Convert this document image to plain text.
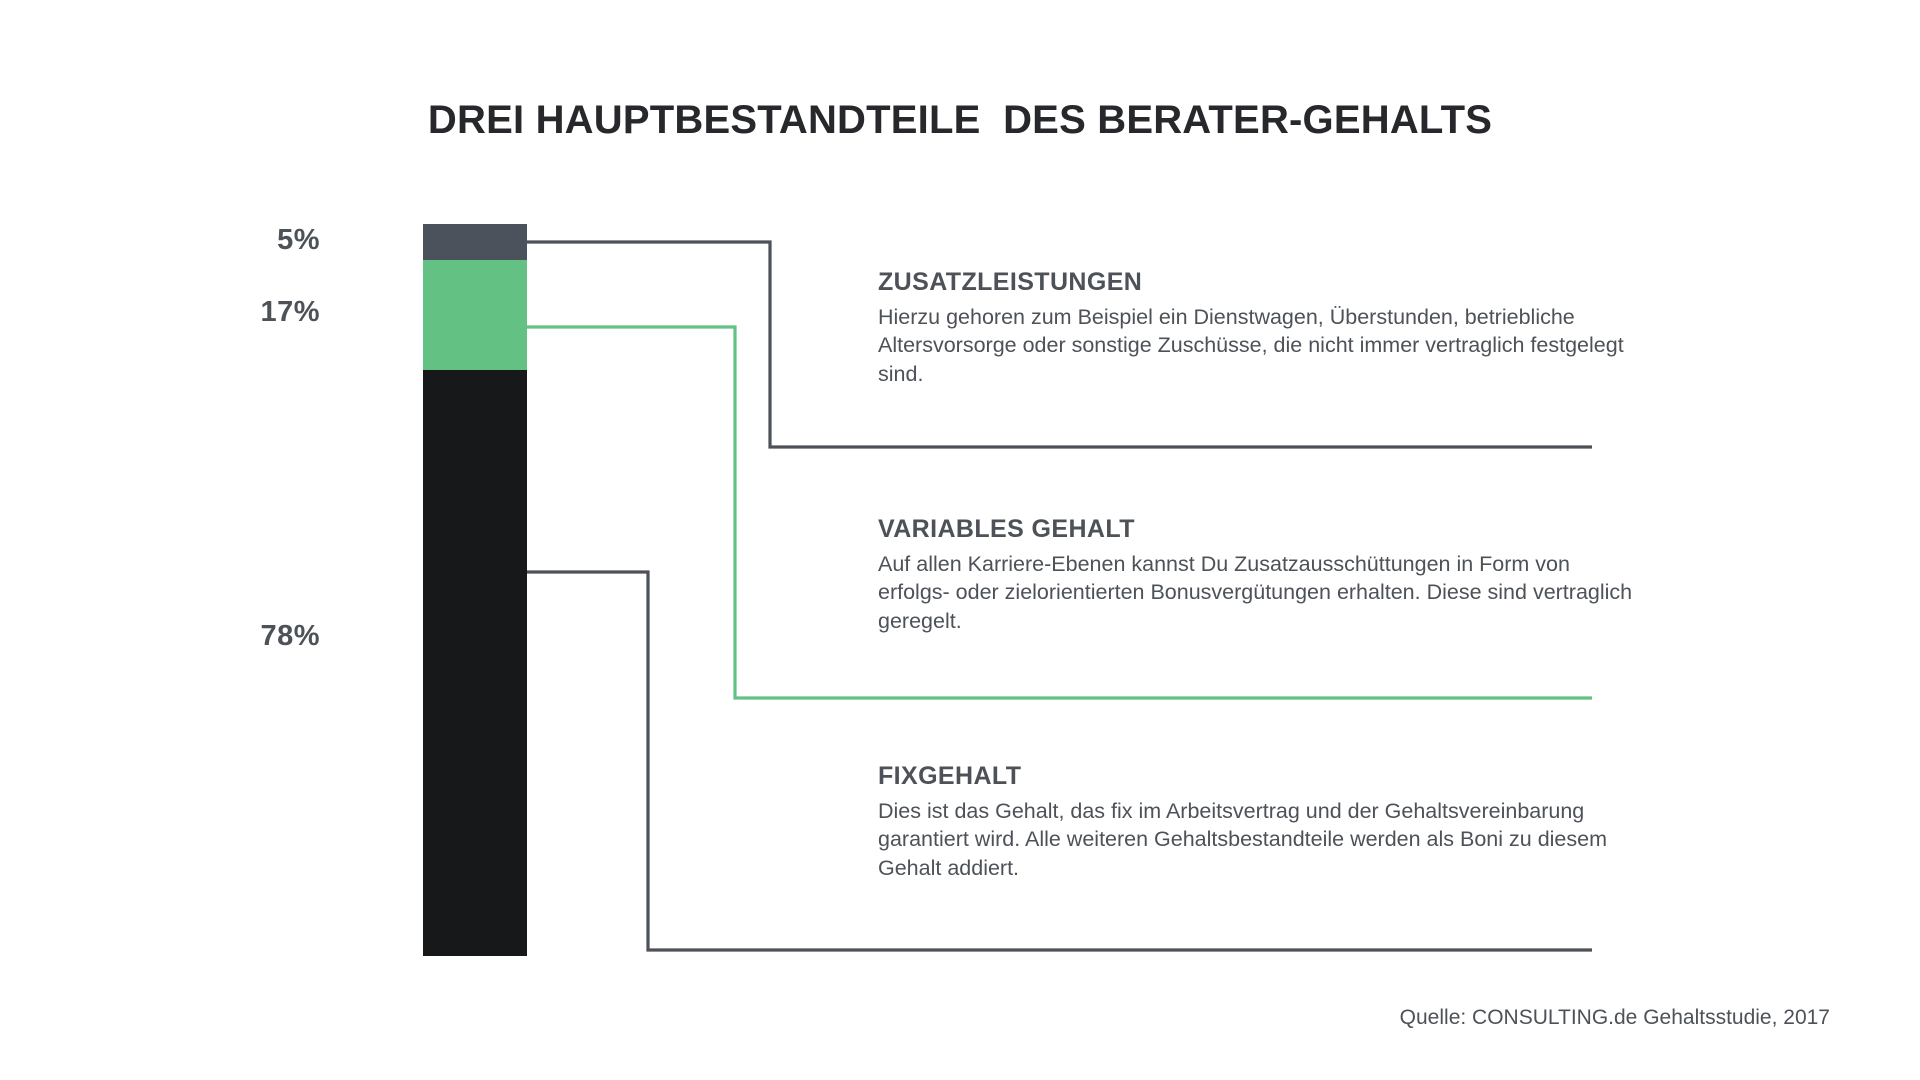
DREI HAUPTBESTANDTEILE  DES BERATER-GEHALTS
5%
17%
78%
ZUSATZLEISTUNGEN

Hierzu gehoren zum Beispiel ein Dienstwagen, Überstunden, betriebliche Altersvorsorge oder sonstige Zuschüsse, die nicht immer vertraglich festgelegt sind.

VARIABLES GEHALT

Auf allen Karriere-Ebenen kannst Du Zusatzausschüttungen in Form von erfolgs- oder zielorientierten Bonusvergütungen erhalten. Diese sind vertraglich geregelt.

FIXGEHALT

Dies ist das Gehalt, das fix im Arbeitsvertrag und der Gehaltsvereinbarung garantiert wird. Alle weiteren Gehaltsbestandteile werden als Boni zu diesem Gehalt addiert.

Quelle: CONSULTING.de Gehaltsstudie, 2017
